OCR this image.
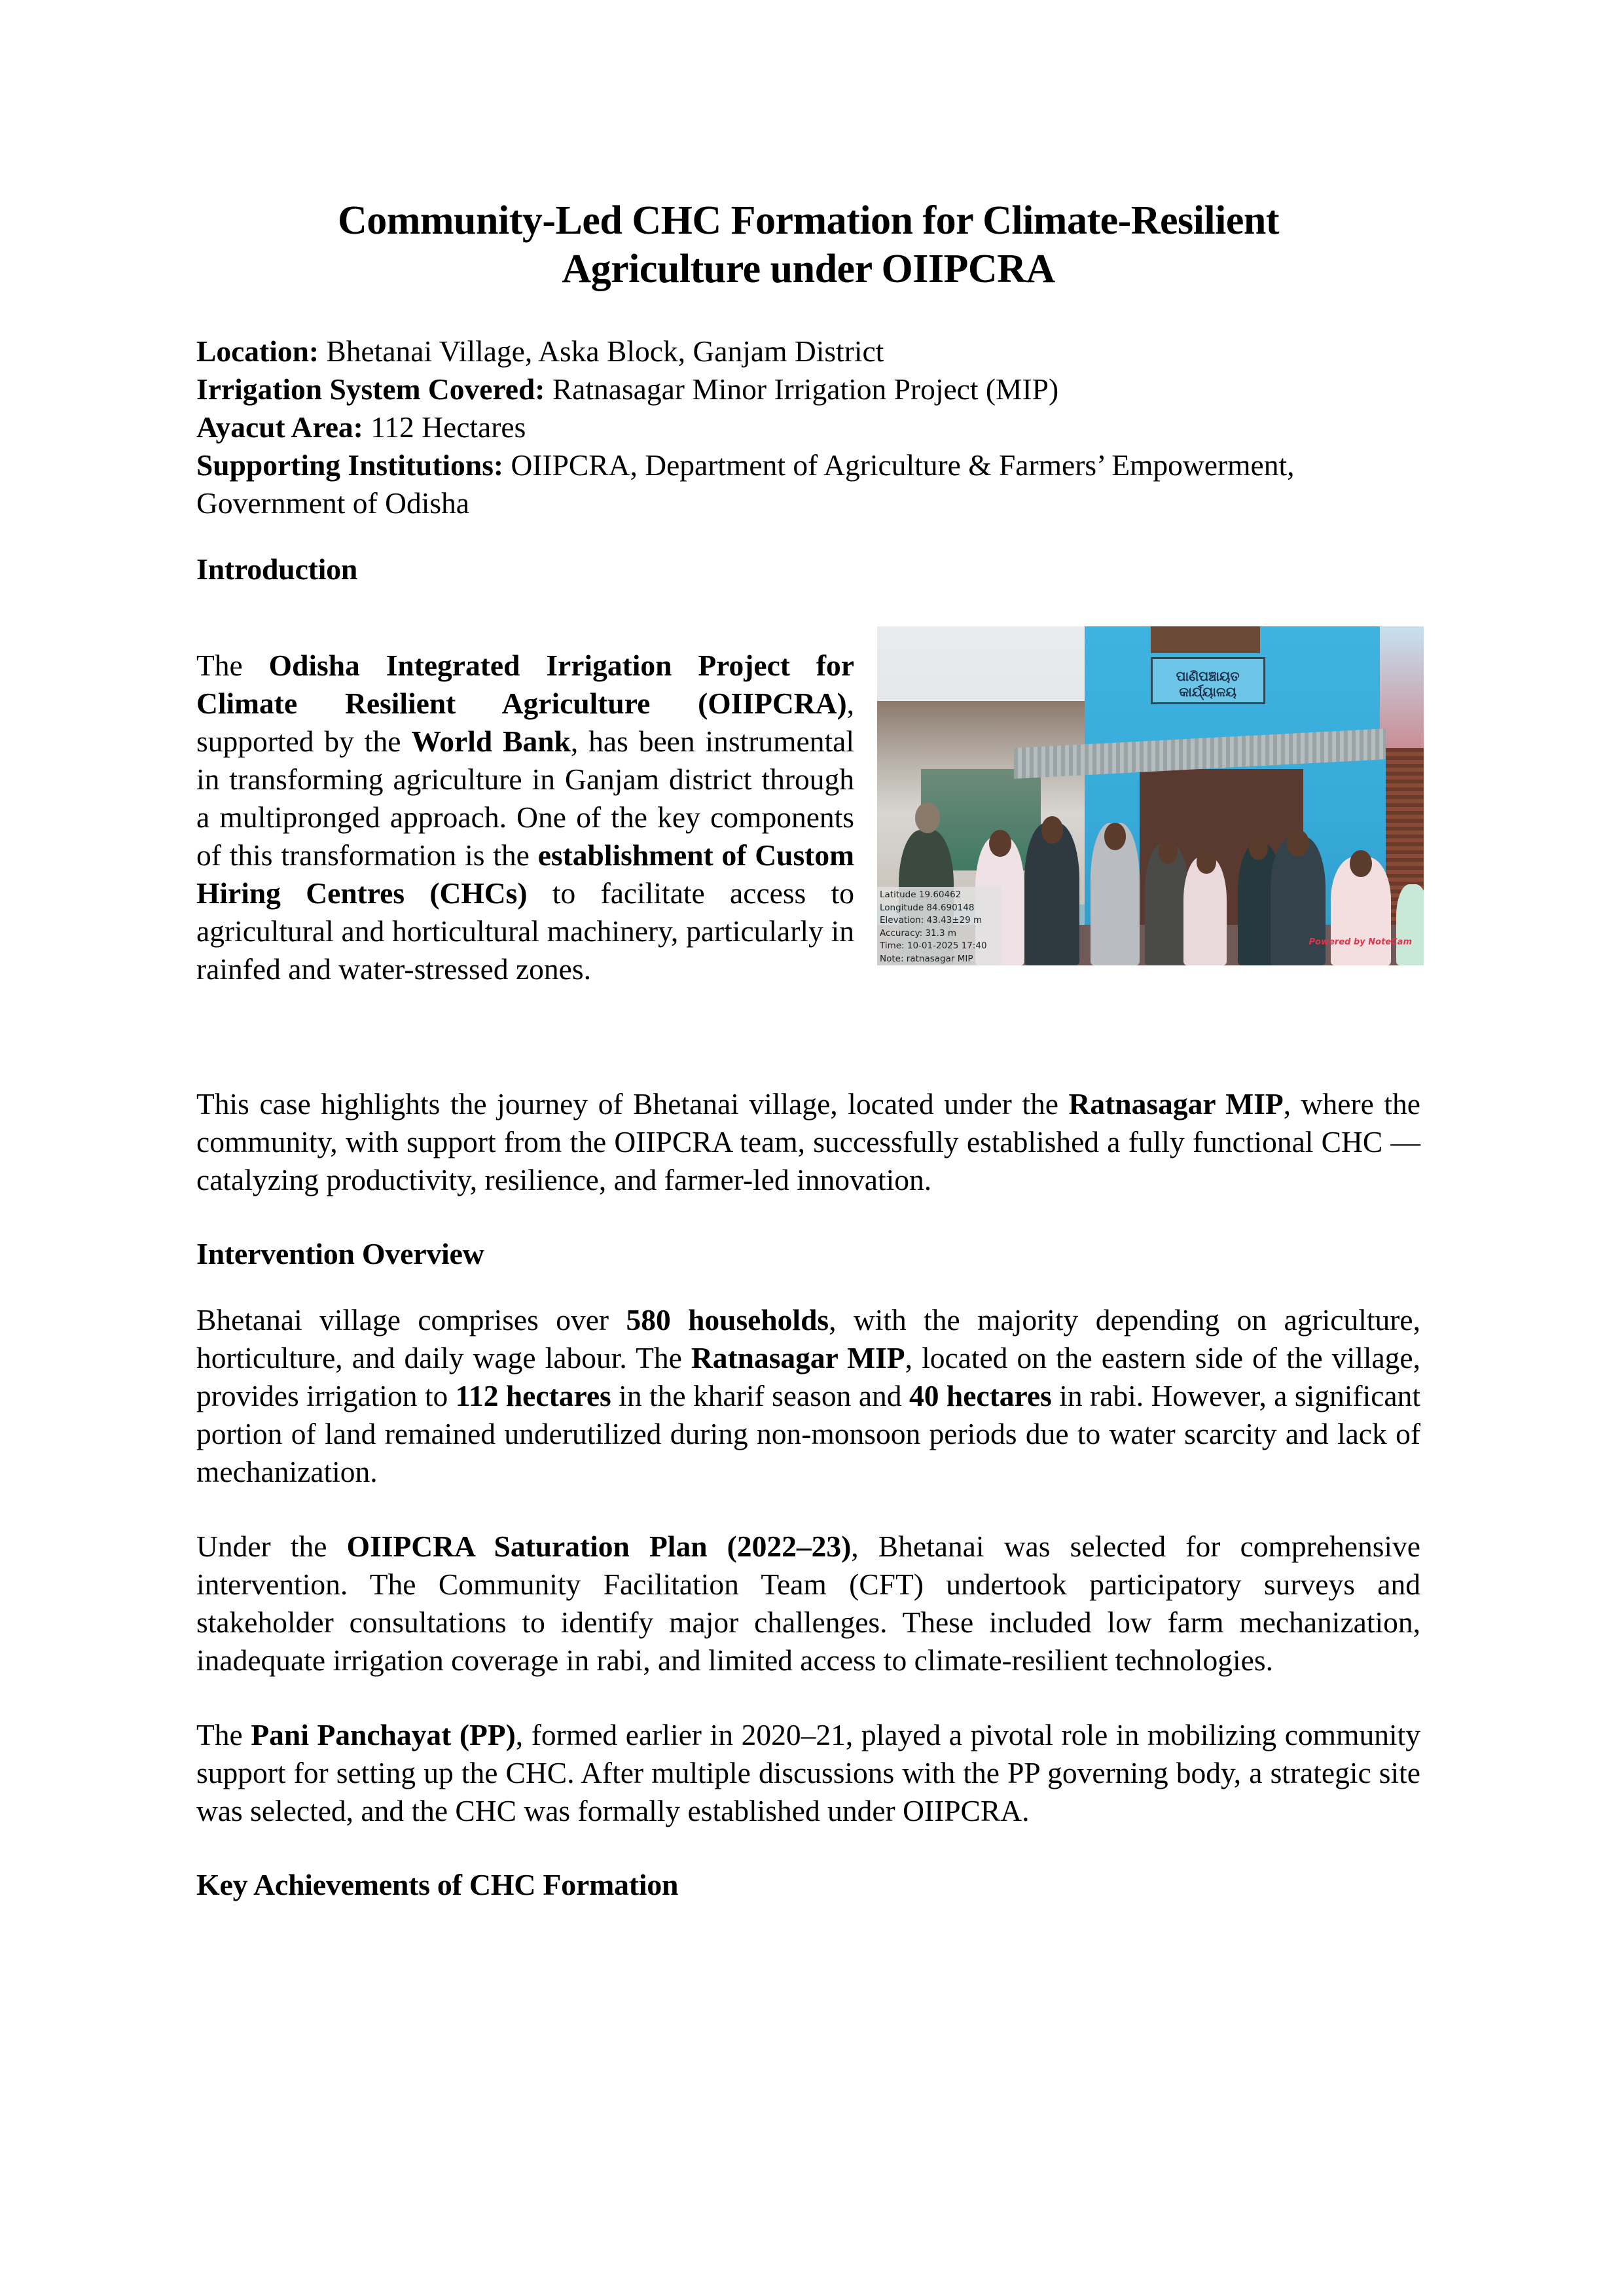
Community-Led CHC Formation for Climate-Resilient
Agriculture under OIIPCRA

Location: Bhetanai Village, Aska Block, Ganjam District

Irrigation System Covered: Ratnasagar Minor Irrigation Project (MIP)

Ayacut Area: 112 Hectares

Supporting Institutions: OIIPCRA, Department of Agriculture & Farmers’ Empowerment, Government of Odisha

Introduction

The Odisha Integrated Irrigation Project for Climate Resilient Agriculture (OIIPCRA), supported by the World Bank, has been instrumental in transforming agriculture in Ganjam district through a multipronged approach. One of the key components of this transformation is the establishment of Custom Hiring Centres (CHCs) to facilitate access to agricultural and horticultural machinery, particularly in rainfed and water-stressed zones.

ପାଣିପଞ୍ଚାୟତ କାର୍ଯ୍ୟାଳୟ
Latitude 19.60462
Longitude 84.690148
Elevation: 43.43±29 m
Accuracy: 31.3 m
Time: 10-01-2025 17:40
Note: ratnasagar MIP
Powered by NoteCam

This case highlights the journey of Bhetanai village, located under the Ratnasagar MIP, where the community, with support from the OIIPCRA team, successfully established a fully functional CHC — catalyzing productivity, resilience, and farmer-led innovation.

Intervention Overview

Bhetanai village comprises over 580 households, with the majority depending on agriculture, horticulture, and daily wage labour. The Ratnasagar MIP, located on the eastern side of the village, provides irrigation to 112 hectares in the kharif season and 40 hectares in rabi. However, a significant portion of land remained underutilized during non-monsoon periods due to water scarcity and lack of mechanization.

Under the OIIPCRA Saturation Plan (2022–23), Bhetanai was selected for comprehensive intervention. The Community Facilitation Team (CFT) undertook participatory surveys and stakeholder consultations to identify major challenges. These included low farm mechanization, inadequate irrigation coverage in rabi, and limited access to climate-resilient technologies.

The Pani Panchayat (PP), formed earlier in 2020–21, played a pivotal role in mobilizing community support for setting up the CHC. After multiple discussions with the PP governing body, a strategic site was selected, and the CHC was formally established under OIIPCRA.

Key Achievements of CHC Formation
